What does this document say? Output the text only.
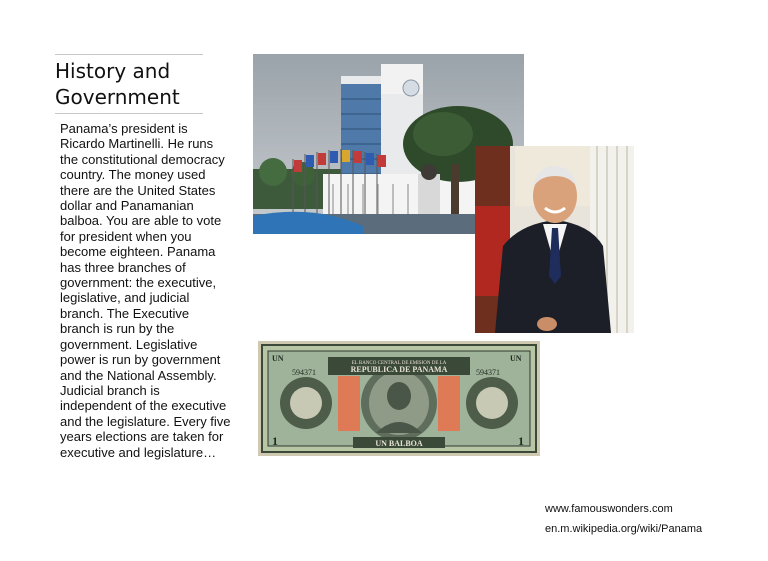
History and
Government
Panama’s president is Ricardo Martinelli. He runs the constitutional democracy country. The money used there are the United States dollar and Panamanian balboa. You are able to vote for president when you become eighteen. Panama has three branches of government: the executive, legislative, and judicial branch. The Executive branch is run by the government. Legislative power is run by government and the National Assembly. Judicial branch is independent of the executive and the legislature. Every five years elections are taken for executive and legislature…
EL BANCO CENTRAL DE EMISION DE LA
REPUBLICA DE PANAMA
594371	594371
UN	UN
1	1
UN BALBOA
www.famouswonders.com
en.m.wikipedia.org/wiki/Panama
